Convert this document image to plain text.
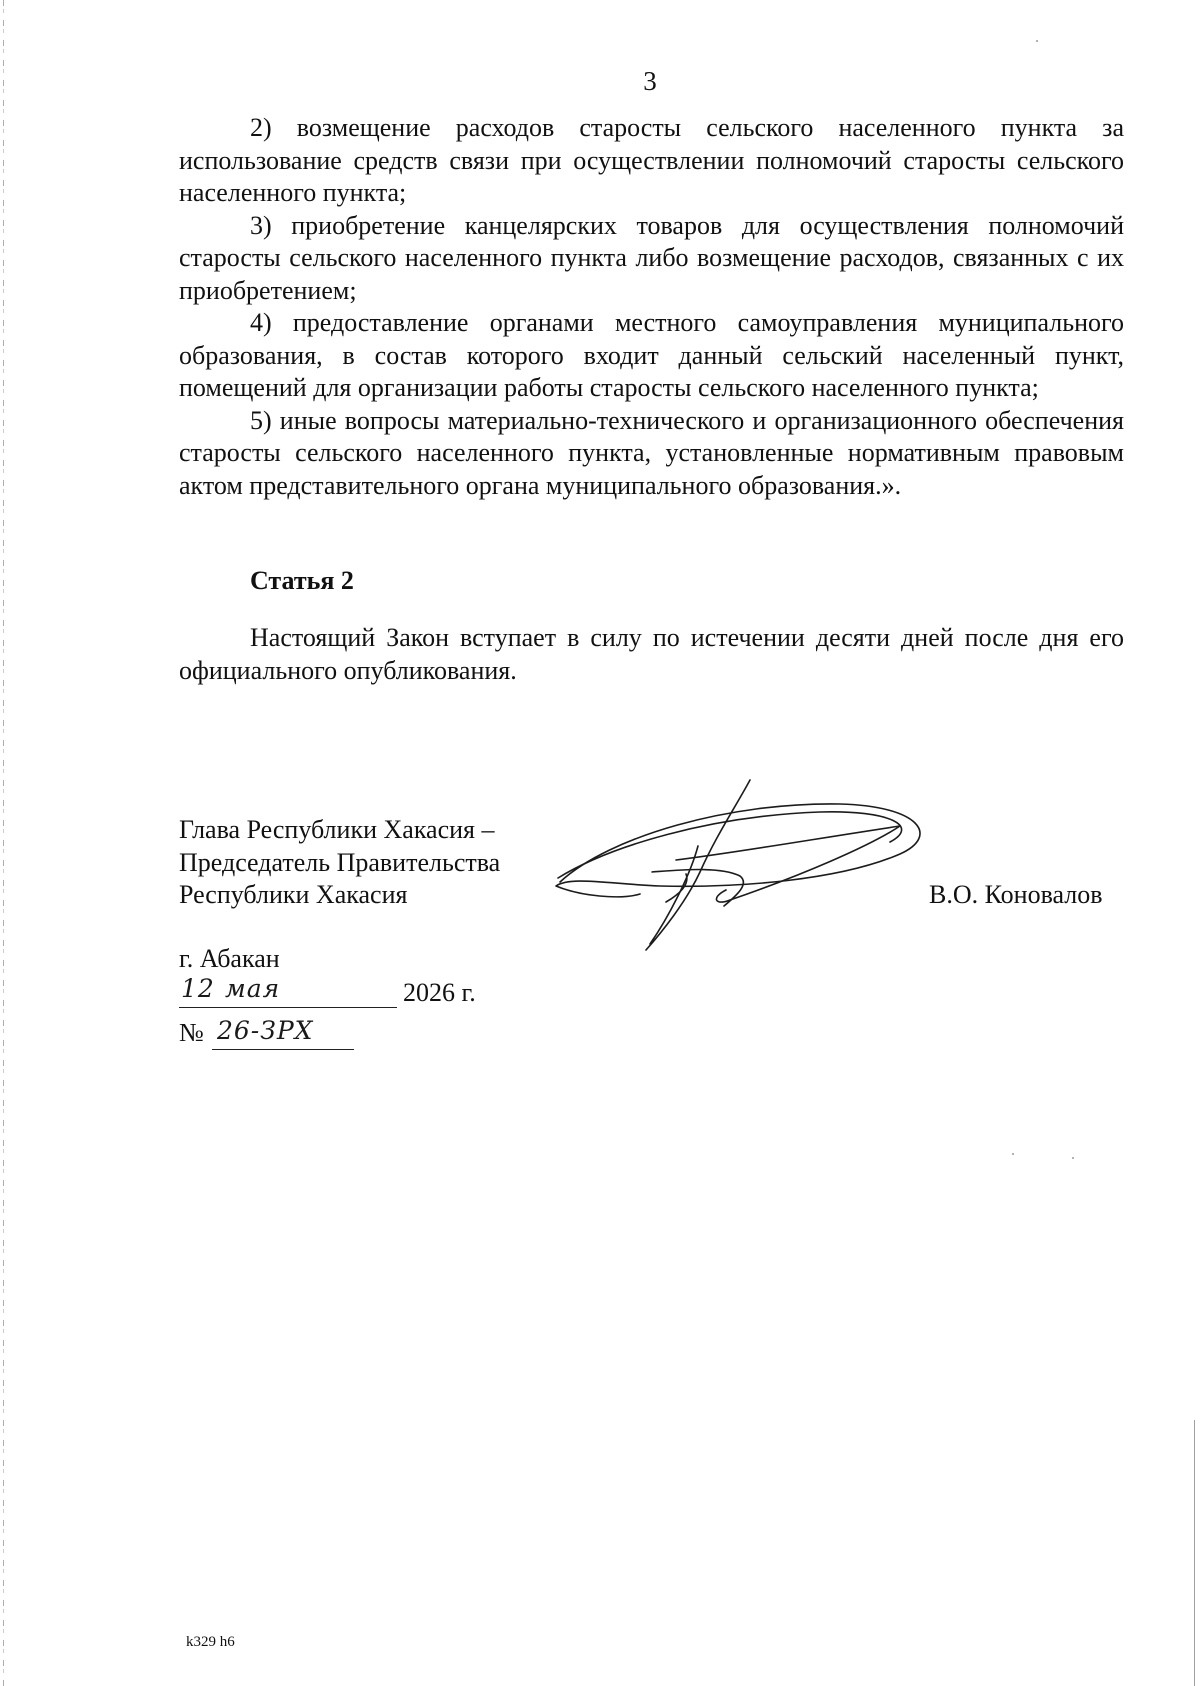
3

2) возмещение расходов старосты сельского населенного пункта за использование средств связи при осуществлении полномочий старосты сельского населенного пункта;

3) приобретение канцелярских товаров для осуществления полномочий старосты сельского населенного пункта либо возмещение расходов, связанных с их приобретением;

4) предоставление органами местного самоуправления муниципального образования, в состав которого входит данный сельский населенный пункт, помещений для организации работы старосты сельского населенного пункта;

5) иные вопросы материально-технического и организационного обеспечения старосты сельского населенного пункта, установленные нормативным правовым актом представительного органа муниципального образования.».

Статья 2

Настоящий Закон вступает в силу по истечении десяти дней после дня его официального опубликования.

Глава Республики Хакасия –
Председатель Правительства
Республики Хакасия	В.О. Коновалов
г. Абакан
12 мая	2026 г.
№ 26-ЗРХ
k329 h6
